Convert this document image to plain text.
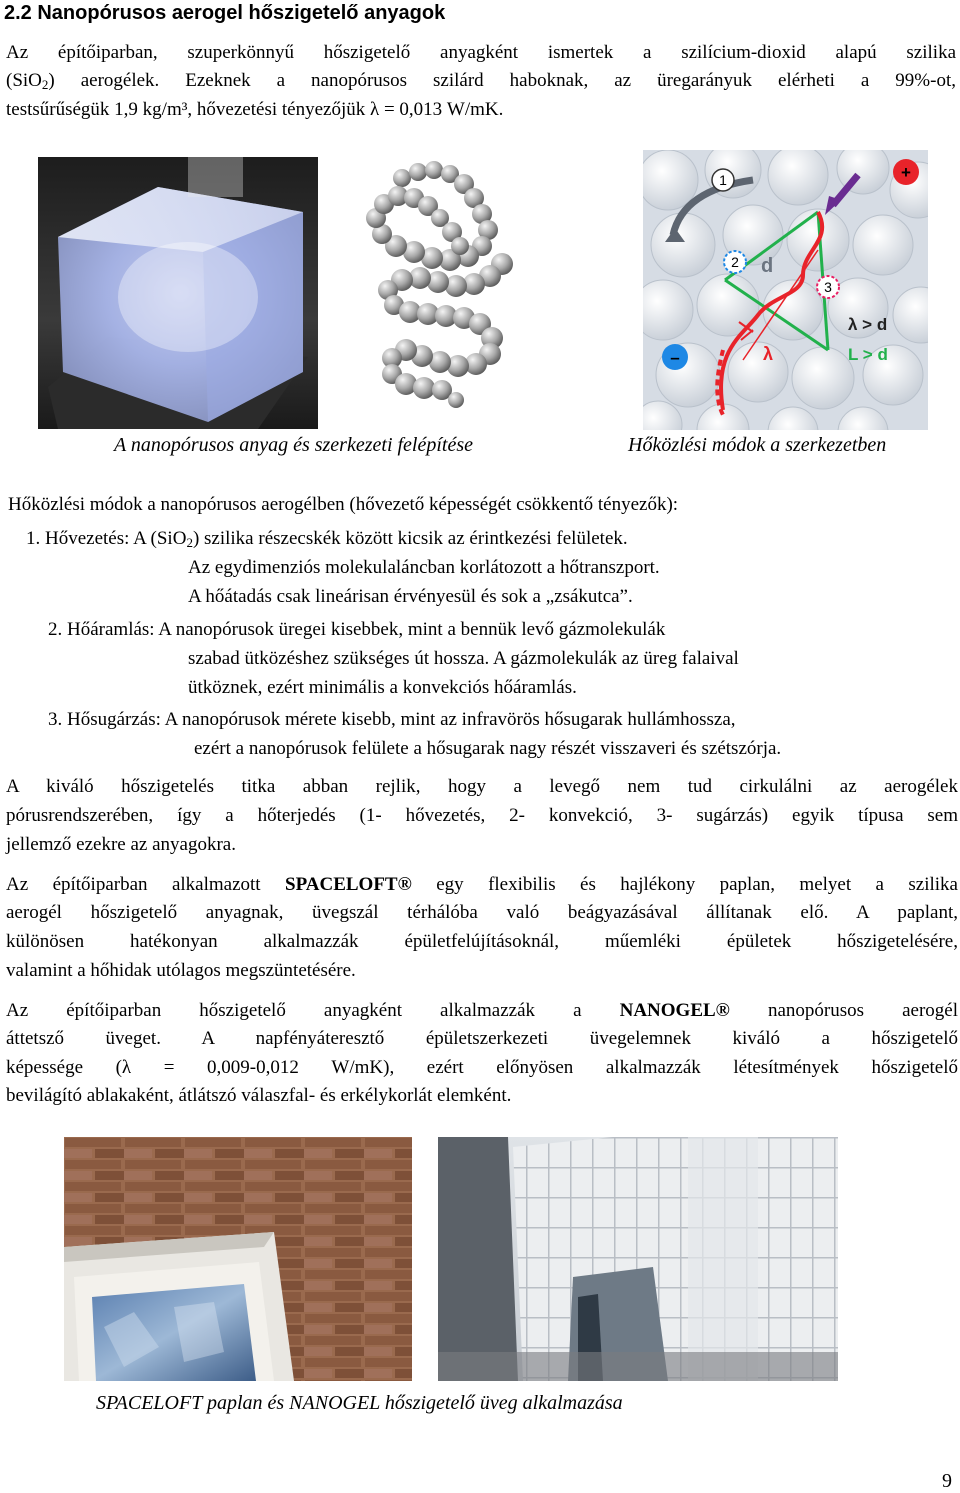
2.2 Nanopórusos aerogel hőszigetelő anyagok
Az építőiparban, szuperkönnyű hőszigetelő anyagként ismertek a szilícium-dioxid alapú szilika
(SiO$_2$) aerogélek. Ezeknek a nanopórusos szilárd haboknak, az üregarányuk elérheti a 99%-ot,
testsűrűségük 1,9 kg/m³, hővezetési tényezőjük λ = 0,013 W/mK.
1
2
3
+
–
d
λ
λ > d
L > d
A nanopórusos anyag és szerkezeti felépítése	Hőközlési módok a szerkezetben
Hőközlési módok a nanopórusos aerogélben (hővezető képességét csökkentő tényezők):
1. Hővezetés: A (SiO$_2$) szilika részecskék között kicsik az érintkezési felületek.
Az egydimenziós molekulaláncban korlátozott a hőtranszport.
A hőátadás csak lineárisan érvényesül és sok a „zsákutca”.
2. Hőáramlás: A nanopórusok üregei kisebbek, mint a bennük levő gázmolekulák
szabad ütközéshez szükséges út hossza. A gázmolekulák az üreg falaival
ütköznek, ezért minimális a konvekciós hőáramlás.
3. Hősugárzás: A nanopórusok mérete kisebb, mint az infravörös hősugarak hullámhossza,
ezért a nanopórusok felülete a hősugarak nagy részét visszaveri és szétszórja.
A kiváló hőszigetelés titka abban rejlik, hogy a levegő nem tud cirkulálni az aerogélek
pórusrendszerében, így a hőterjedés (1- hővezetés, 2- konvekció, 3- sugárzás) egyik típusa sem
jellemző ezekre az anyagokra.
Az építőiparban alkalmazott SPACELOFT® egy flexibilis és hajlékony paplan, melyet a szilika
aerogél hőszigetelő anyagnak, üvegszál térhálóba való beágyazásával állítanak elő. A paplant,
különösen hatékonyan alkalmazzák épületfelújításoknál, műemléki épületek hőszigetelésére,
valamint a hőhidak utólagos megszüntetésére.
Az építőiparban hőszigetelő anyagként alkalmazzák a NANOGEL® nanopórusos aerogél
áttetsző üveget. A napfényáteresztő épületszerkezeti üvegelemnek kiváló a hőszigetelő
képessége (λ = 0,009-0,012 W/mK), ezért előnyösen alkalmazzák létesítmények hőszigetelő
bevilágító ablakaként, átlátszó válaszfal- és erkélykorlát elemként.
SPACELOFT paplan és NANOGEL hőszigetelő üveg alkalmazása
9
